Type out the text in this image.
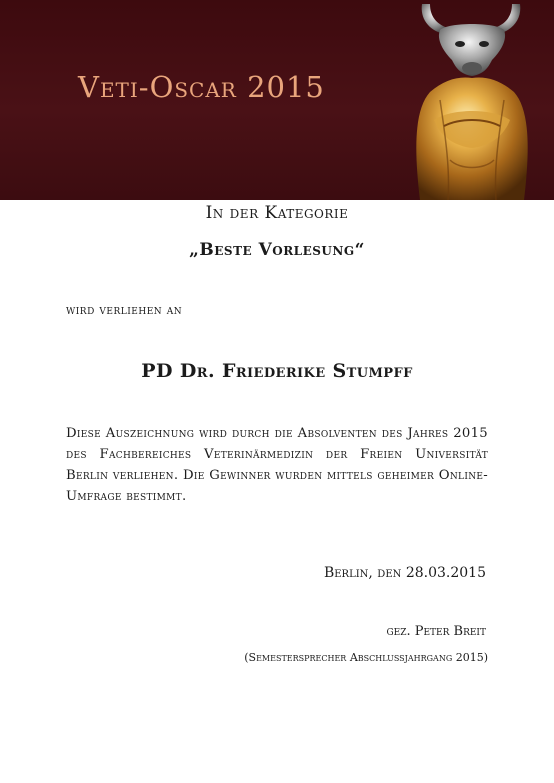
Veti-Oscar 2015
In der Kategorie
„Beste Vorlesung“
wird verliehen an
PD Dr. Friederike Stumpff
Diese Auszeichnung wird durch die Absolventen des Jahres 2015 des Fachbereiches Veterinärmedizin der Freien Universität Berlin verliehen. Die Gewinner wurden mittels geheimer Online-Umfrage bestimmt.
Berlin, den 28.03.2015
gez. Peter Breit
(Semestersprecher Abschlussjahrgang 2015)
